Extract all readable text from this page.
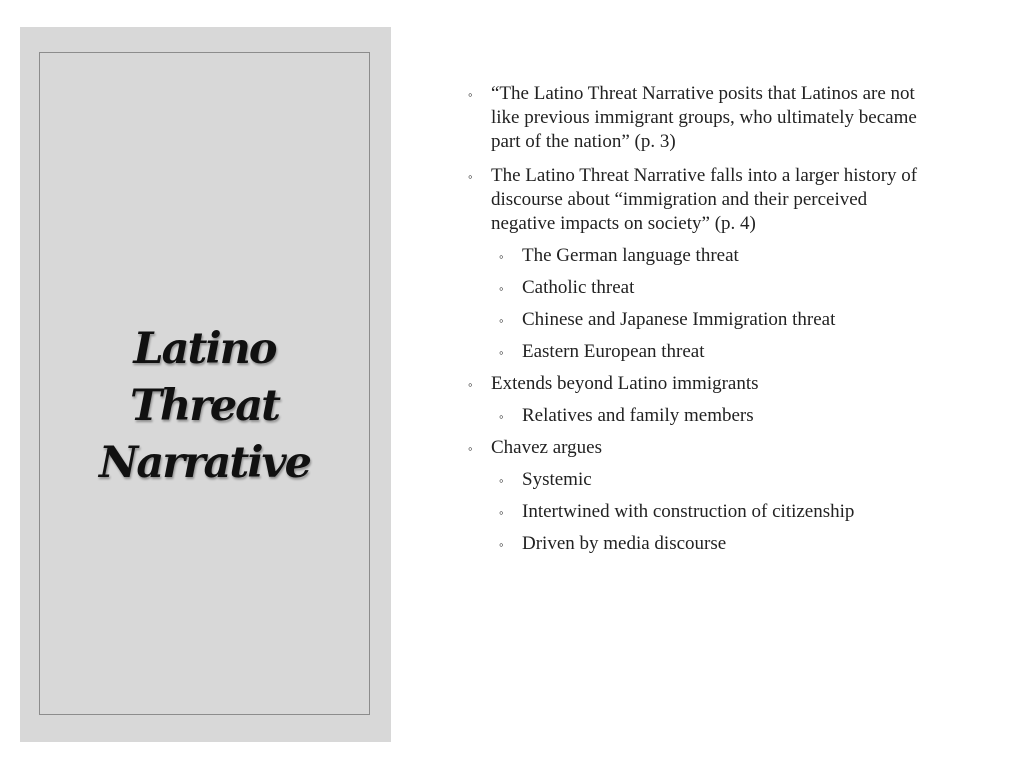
Latino
Threat
Narrative
◦ “The Latino Threat Narrative posits that Latinos are not like previous immigrant groups, who ultimately became part of the nation” (p. 3)
◦ The Latino Threat Narrative falls into a larger history of discourse about “immigration and their perceived negative impacts on society” (p. 4)
◦ The German language threat
◦ Catholic threat
◦ Chinese and Japanese Immigration threat
◦ Eastern European threat
◦ Extends beyond Latino immigrants
◦ Relatives and family members
◦ Chavez argues
◦ Systemic
◦ Intertwined with construction of citizenship
◦ Driven by media discourse
